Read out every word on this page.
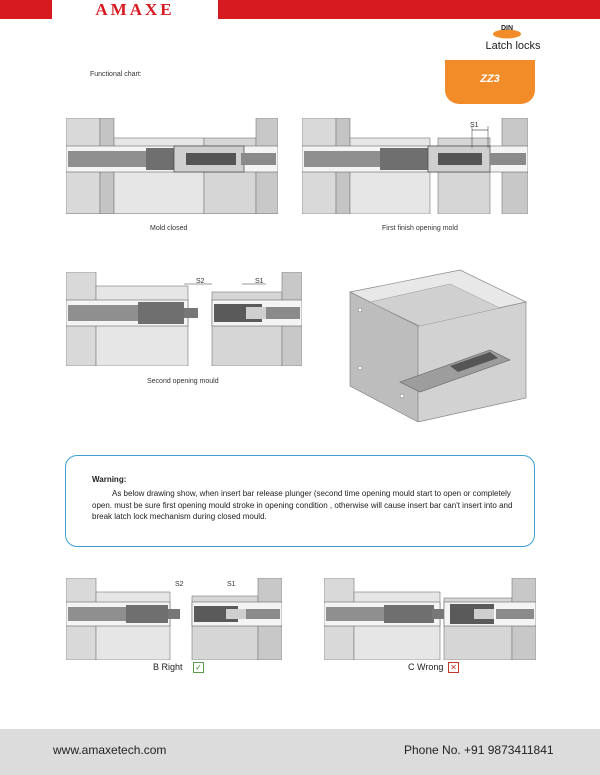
AMAXE
DIN
Latch locks
ZZ3
Functional chart:
Mold closed
S1
First finish opening mold
S2	S1
Second opening mould
Warning:
As below drawing show, when insert bar release plunger (second time opening mould start to open or completely open. must be sure first opening mould stroke in opening condition , otherwise will cause insert bar can't insert into and break latch lock mechanism during closed mould.
S2	S1
B Right ✓	C Wrong ✕
www.amaxetech.com	Phone No. +91 9873411841
